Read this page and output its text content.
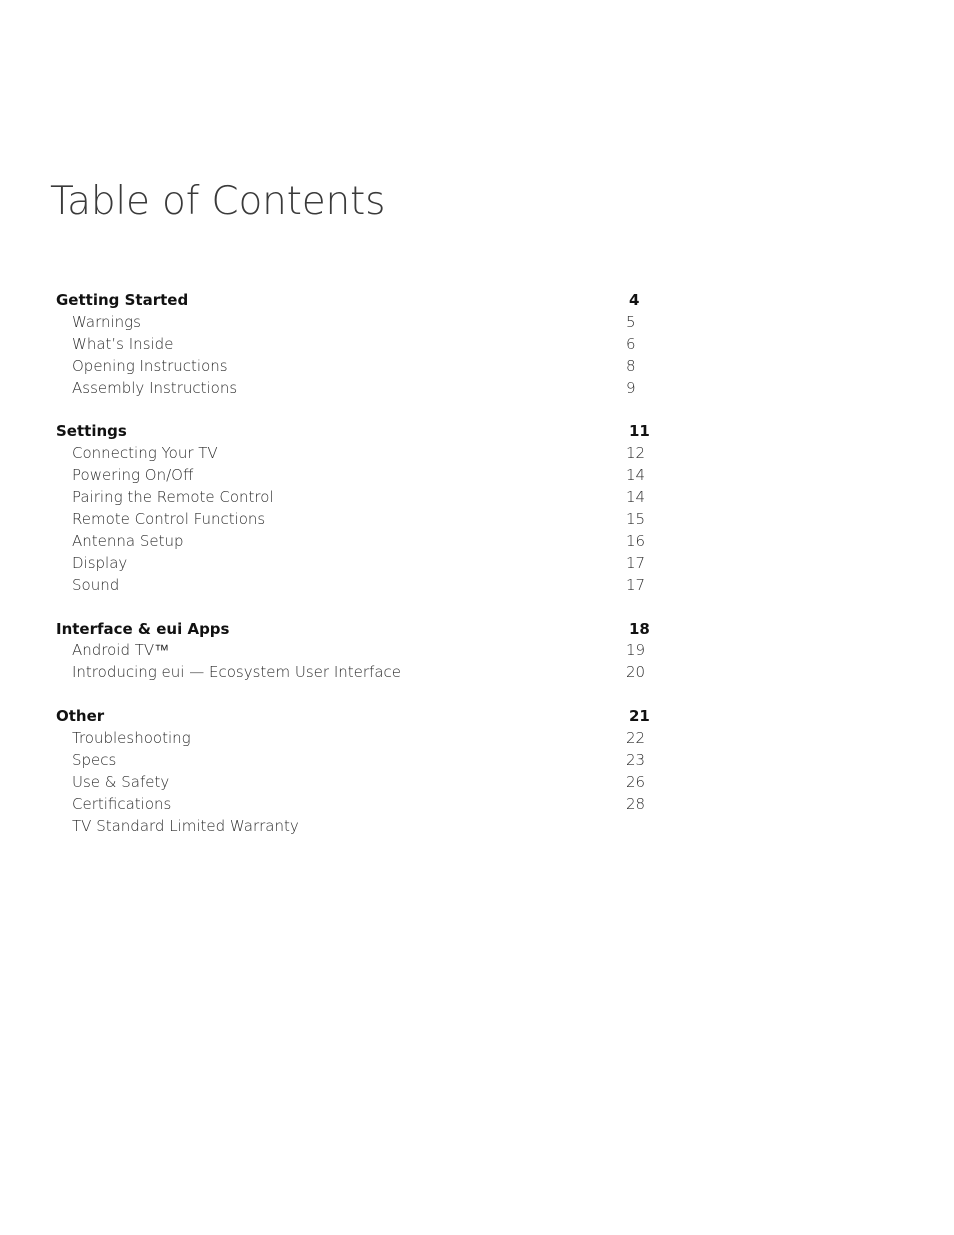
Table of Contents
Getting Started	4
Warnings	5
What’s Inside	6
Opening Instructions	8
Assembly Instructions	9
Settings	11
Connecting Your TV	12
Powering On/Off	14
Pairing the Remote Control	14
Remote Control Functions	15
Antenna Setup	16
Display	17
Sound	17
Interface & eui Apps	18
Android TV™	19
Introducing eui — Ecosystem User Interface	20
Other	21
Troubleshooting	22
Specs	23
Use & Safety	26
Certifications	28
TV Standard Limited Warranty
